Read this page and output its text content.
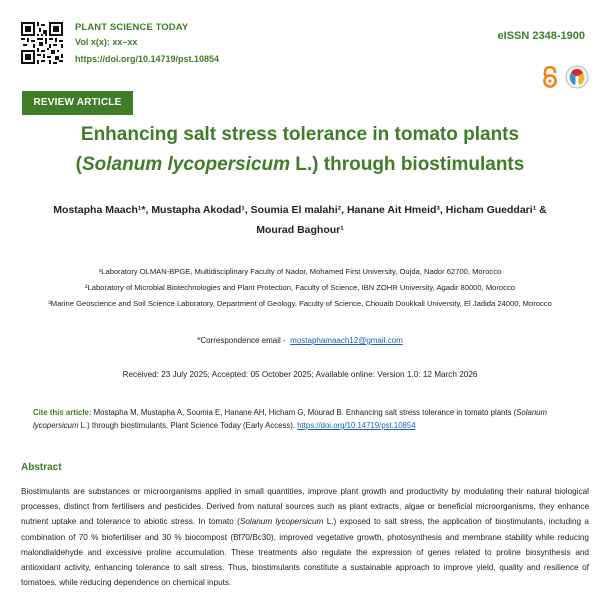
PLANT SCIENCE TODAY
Vol x(x): xx–xx
https://doi.org/10.14719/pst.10854
eISSN 2348-1900
REVIEW ARTICLE
Enhancing salt stress tolerance in tomato plants
(Solanum lycopersicum L.) through biostimulants
Mostapha Maach¹*, Mustapha Akodad¹, Soumia El malahi², Hanane Ait Hmeid³, Hicham Gueddari¹ &
Mourad Baghour¹
¹Laboratory OLMAN-BPGE, Multidisciplinary Faculty of Nador, Mohamed First University, Oujda, Nador 62700, Morocco
²Laboratory of Microbial Biotechnologies and Plant Protection, Faculty of Science, IBN ZOHR University, Agadir 80000, Morocco
³Marine Geoscience and Soil Science Laboratory, Department of Geology, Faculty of Science, Chouaib Doukkali University, El Jadida 24000, Morocco
*Correspondence email - mostaphamaach12@gmail.com
Received: 23 July 2025; Accepted: 05 October 2025; Available online: Version 1.0: 12 March 2026
Cite this article: Mostapha M, Mustapha A, Soumia E, Hanane AH, Hicham G, Mourad B. Enhancing salt stress tolerance in tomato plants (Solanum lycopersicum L.) through biostimulants. Plant Science Today (Early Access). https://doi.org/10.14719/pst.10854
Abstract
Biostimulants are substances or microorganisms applied in small quantities, improve plant growth and productivity by modulating their natural biological processes, distinct from fertilisers and pesticides. Derived from natural sources such as plant extracts, algae or beneficial microorganisms, they enhance nutrient uptake and tolerance to abiotic stress. In tomato (Solanum lycopersicum L.) exposed to salt stress, the application of biostimulants, including a combination of 70 % biofertiliser and 30 % biocompost (Bf70/Bc30), improved vegetative growth, photosynthesis and membrane stability while reducing malondialdehyde and excessive proline accumulation. These treatments also regulate the expression of genes related to proline biosynthesis and antioxidant activity, enhancing tolerance to salt stress. Thus, biostimulants constitute a sustainable approach to improve yield, quality and resilience of tomatoes, while reducing dependence on chemical inputs.
